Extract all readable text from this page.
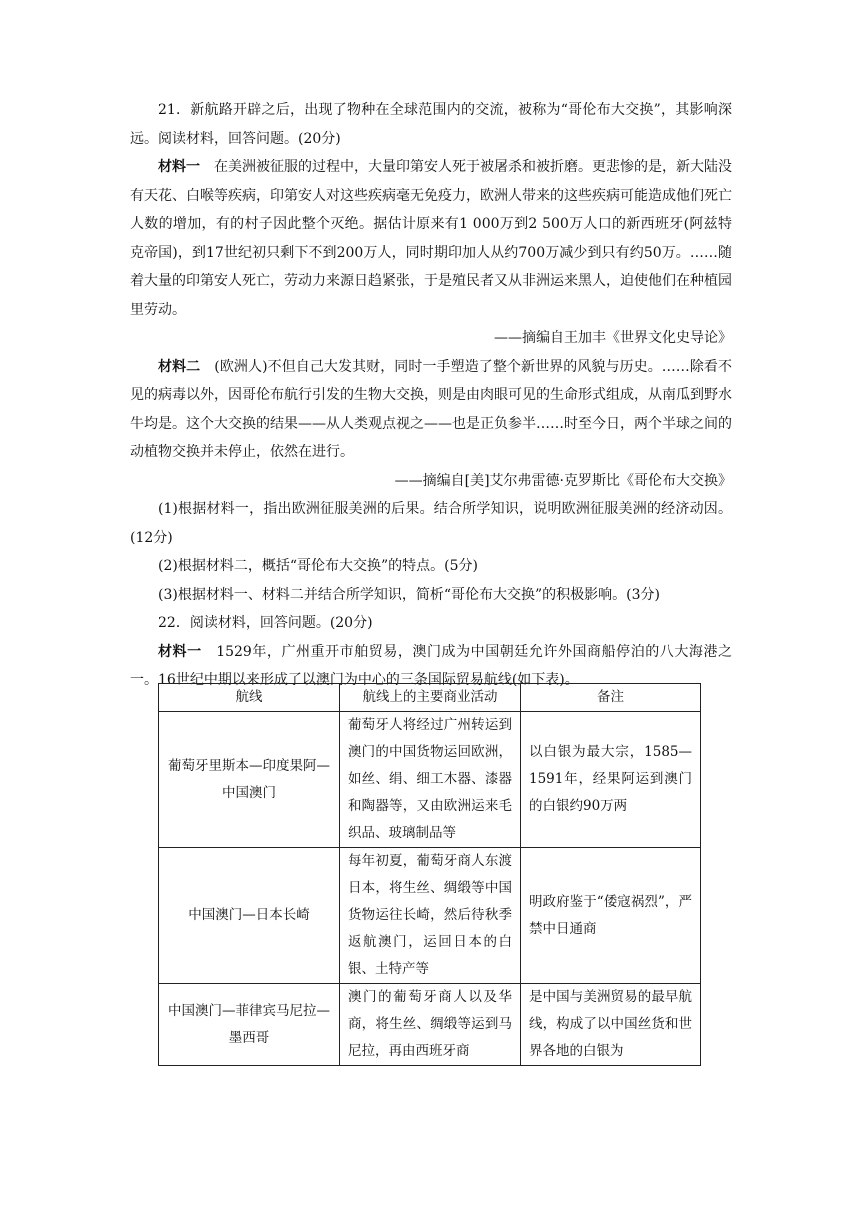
21．新航路开辟之后，出现了物种在全球范围内的交流，被称为“哥伦布大交换”，其影响深远。阅读材料，回答问题。(20分)

材料一　在美洲被征服的过程中，大量印第安人死于被屠杀和被折磨。更悲惨的是，新大陆没有天花、白喉等疾病，印第安人对这些疾病毫无免疫力，欧洲人带来的这些疾病可能造成他们死亡人数的增加，有的村子因此整个灭绝。据估计原来有1 000万到2 500万人口的新西班牙(阿兹特克帝国)，到17世纪初只剩下不到200万人，同时期印加人从约700万减少到只有约50万。……随着大量的印第安人死亡，劳动力来源日趋紧张，于是殖民者又从非洲运来黑人，迫使他们在种植园里劳动。

——摘编自王加丰《世界文化史导论》

材料二　(欧洲人)不但自己大发其财，同时一手塑造了整个新世界的风貌与历史。……除看不见的病毒以外，因哥伦布航行引发的生物大交换，则是由肉眼可见的生命形式组成，从南瓜到野水牛均是。这个大交换的结果——从人类观点视之——也是正负参半……时至今日，两个半球之间的动植物交换并未停止，依然在进行。

——摘编自[美]艾尔弗雷德·克罗斯比《哥伦布大交换》

(1)根据材料一，指出欧洲征服美洲的后果。结合所学知识，说明欧洲征服美洲的经济动因。(12分)

(2)根据材料二，概括“哥伦布大交换”的特点。(5分)

(3)根据材料一、材料二并结合所学知识，简析“哥伦布大交换”的积极影响。(3分)

22．阅读材料，回答问题。(20分)

材料一　1529年，广州重开市舶贸易，澳门成为中国朝廷允许外国商船停泊的八大海港之一。16世纪中期以来形成了以澳门为中心的三条国际贸易航线(如下表)。

航线	航线上的主要商业活动	备注
葡萄牙里斯本—印度果阿—中国澳门	葡萄牙人将经过广州转运到澳门的中国货物运回欧洲，如丝、绢、细工木器、漆器和陶器等，又由欧洲运来毛织品、玻璃制品等	以白银为最大宗，1585—1591年，经果阿运到澳门的白银约90万两
中国澳门—日本长崎	每年初夏，葡萄牙商人东渡日本，将生丝、绸缎等中国货物运往长崎，然后待秋季返航澳门，运回日本的白银、土特产等	明政府鉴于“倭寇祸烈”，严禁中日通商
中国澳门—菲律宾马尼拉—墨西哥	澳门的葡萄牙商人以及华商，将生丝、绸缎等运到马尼拉，再由西班牙商	是中国与美洲贸易的最早航线，构成了以中国丝货和世界各地的白银为
